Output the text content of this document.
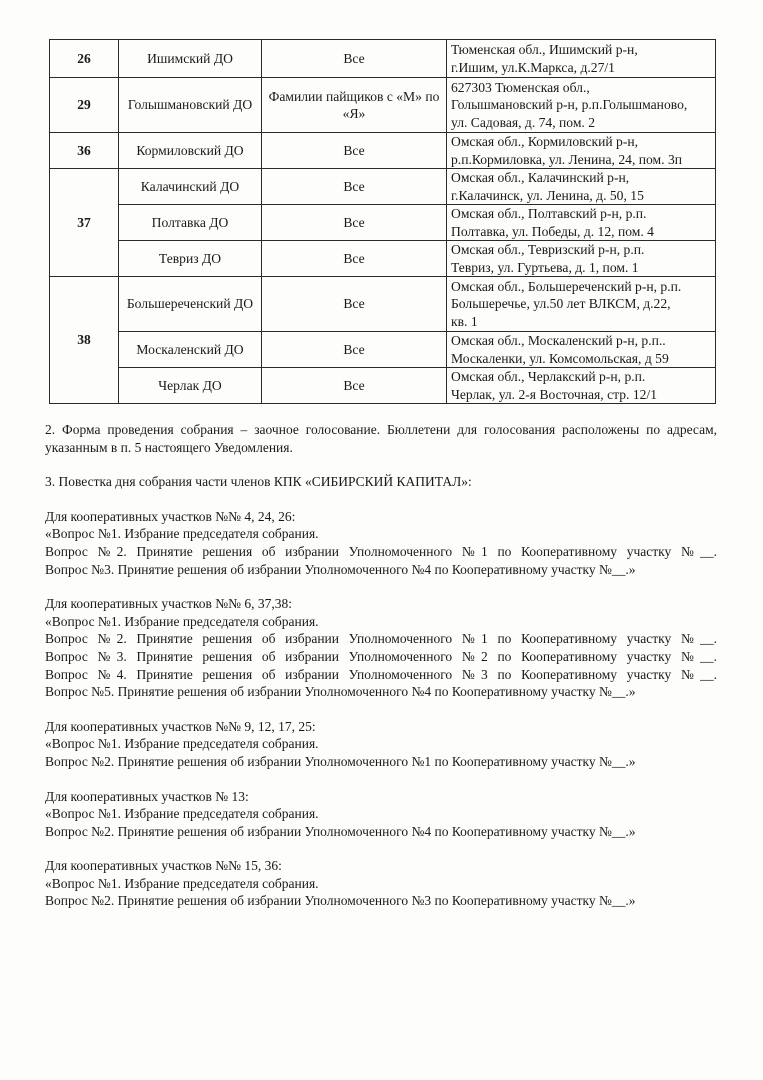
26	Ишимский ДО	Все	Тюменская обл., Ишимский р-н,
г.Ишим, ул.К.Маркса, д.27/1

29	Голышмановский ДО	Фамилии пайщиков с «М» по «Я»	627303 Тюменская обл.,
Голышмановский р-н, р.п.Голышманово,
ул. Садовая, д. 74, пом. 2

36	Кормиловский ДО	Все	Омская обл., Кормиловский р-н,
р.п.Кормиловка, ул. Ленина, 24, пом. 3п

37	Калачинский ДО	Все	Омская обл., Калачинский р-н,
г.Калачинск, ул. Ленина, д. 50, 15

	Полтавка ДО	Все	Омская обл., Полтавский р-н, р.п.
Полтавка, ул. Победы, д. 12, пом. 4

	Тевриз ДО	Все	Омская обл., Тевризский р-н, р.п.
Тевриз, ул. Гуртьева, д. 1, пом. 1

38	Большереченский ДО	Все	Омская обл., Большереченский р-н, р.п.
Большеречье, ул.50 лет ВЛКСМ, д.22,
кв. 1

	Москаленский ДО	Все	Омская обл., Москаленский р-н, р.п..
Москаленки, ул. Комсомольская, д 59

	Черлак ДО	Все	Омская обл., Черлакский р-н, р.п.
Черлак, ул. 2-я Восточная, стр. 12/1

2. Форма проведения собрания – заочное голосование. Бюллетени для голосования расположены по адресам, указанным в п. 5 настоящего Уведомления.

3. Повестка дня собрания части членов КПК «СИБИРСКИЙ КАПИТАЛ»:

Для кооперативных участков №№ 4, 24, 26:

«Вопрос №1. Избрание председателя собрания.

Вопрос №2. Принятие решения об избрании Уполномоченного №1 по Кооперативному участку №__.

Вопрос №3. Принятие решения об избрании Уполномоченного №4 по Кооперативному участку №__.»

Для кооперативных участков №№ 6, 37,38:

«Вопрос №1. Избрание председателя собрания.

Вопрос №2. Принятие решения об избрании Уполномоченного №1 по Кооперативному участку №__.

Вопрос №3. Принятие решения об избрании Уполномоченного №2 по Кооперативному участку №__.

Вопрос №4. Принятие решения об избрании Уполномоченного №3 по Кооперативному участку №__.

Вопрос №5. Принятие решения об избрании Уполномоченного №4 по Кооперативному участку №__.»

Для кооперативных участков №№ 9, 12, 17, 25:

«Вопрос №1. Избрание председателя собрания.

Вопрос №2. Принятие решения об избрании Уполномоченного №1 по Кооперативному участку №__.»

Для кооперативных участков № 13:

«Вопрос №1. Избрание председателя собрания.

Вопрос №2. Принятие решения об избрании Уполномоченного №4 по Кооперативному участку №__.»

Для кооперативных участков №№ 15, 36:

«Вопрос №1. Избрание председателя собрания.

Вопрос №2. Принятие решения об избрании Уполномоченного №3 по Кооперативному участку №__.»
